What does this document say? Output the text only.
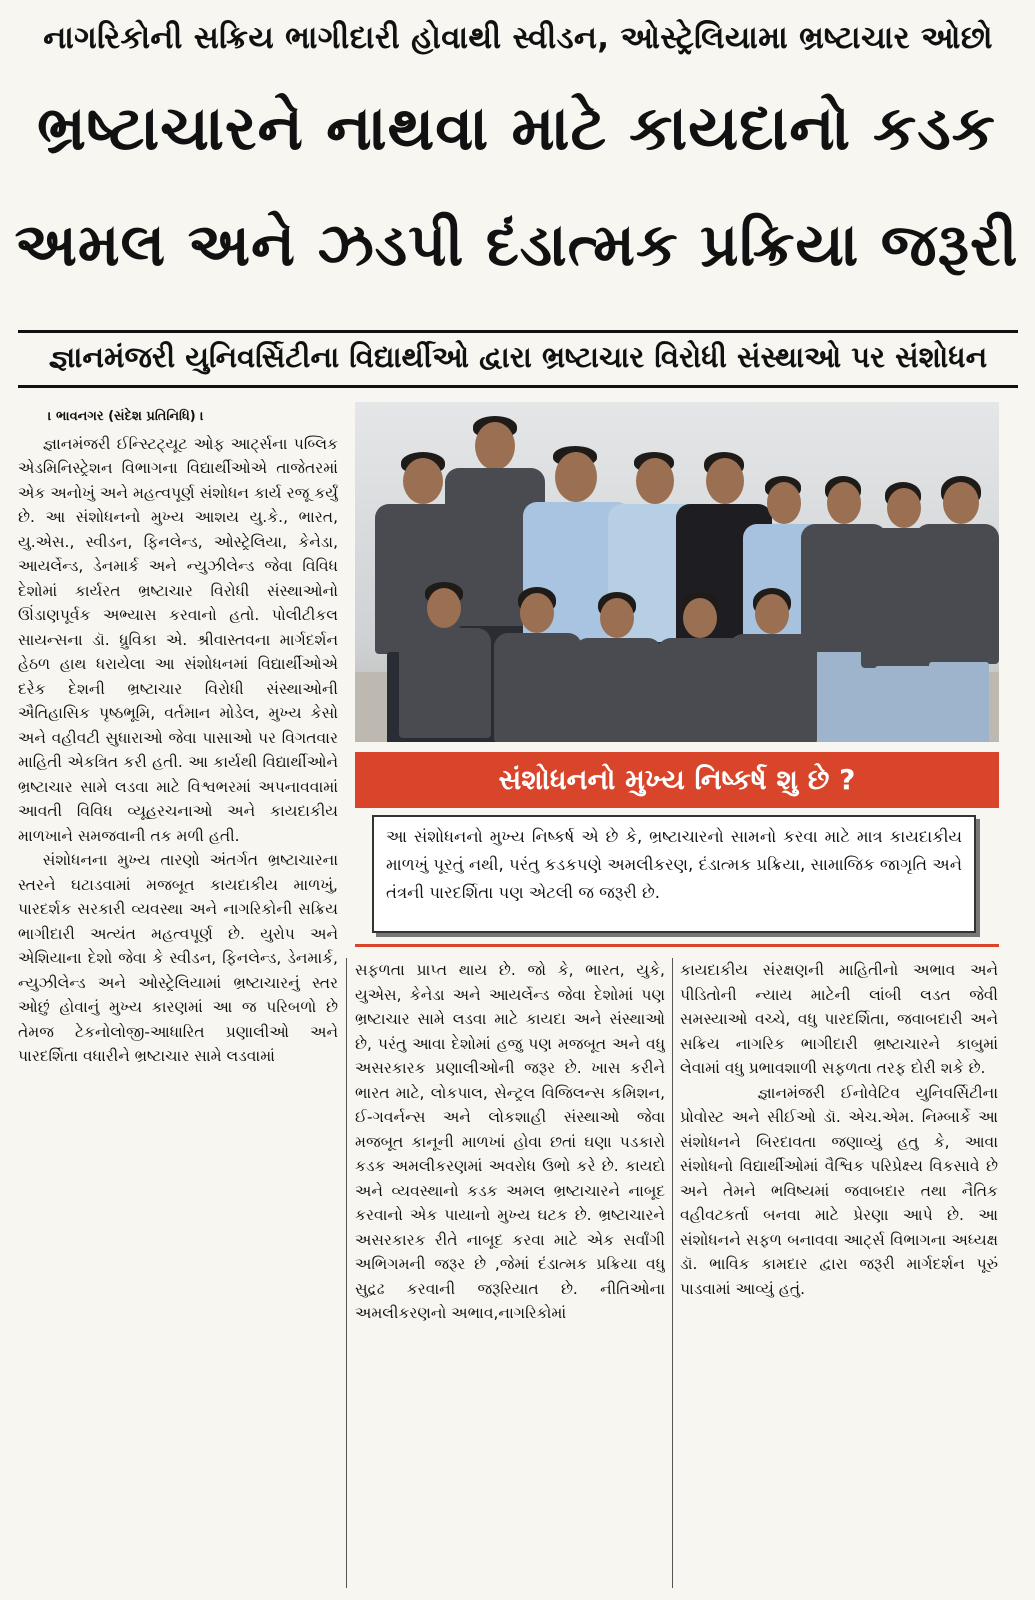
નાગરિકોની સક્રિય ભાગીદારી હોવાથી સ્વીડન, ઓસ્ટ્રેલિયામા ભ્રષ્ટાચાર ઓછો
ભ્રષ્ટાચારને નાથવા માટે કાયદાનો કડક
અમલ અને ઝડપી દંડાત્મક પ્રક્રિયા જરૂરી
જ્ઞાનમંજરી યુનિવર્સિટીના વિદ્યાર્થીઓ દ્વારા ભ્રષ્ટાચાર વિરોધી સંસ્થાઓ પર સંશોધન

। ભાવનગર (સંદેશ પ્રતિનિધિ) ।

જ્ઞાનમંજરી ઈન્સ્ટિટ્યૂટ ઓફ આર્ટ્સના પબ્લિક એડમિનિસ્ટ્રેશન વિભાગના વિદ્યાર્થીઓએ તાજેતરમાં એક અનોખું અને મહત્વપૂર્ણ સંશોધન કાર્ય રજૂ કર્યું છે. આ સંશોધનનો મુખ્ય આશય યુ.કે., ભારત, યુ.એસ., સ્વીડન, ફિનલેન્ડ, ઓસ્ટ્રેલિયા, કેનેડા, આયર્લેન્ડ, ડેનમાર્ક અને ન્યુઝીલેન્ડ જેવા વિવિધ દેશોમાં કાર્યરત ભ્રષ્ટાચાર વિરોધી સંસ્થાઓનો ઊંડાણપૂર્વક અભ્યાસ કરવાનો હતો. પોલીટીકલ સાયન્સના ડૉ. ધ્રુવિકા એ. શ્રીવાસ્તવના માર્ગદર્શન હેઠળ હાથ ધરાયેલા આ સંશોધનમાં વિદ્યાર્થીઓએ દરેક દેશની ભ્રષ્ટાચાર વિરોધી સંસ્થાઓની ઐતિહાસિક પૃષ્ઠભૂમિ, વર્તમાન મોડેલ, મુખ્ય કેસો અને વહીવટી સુધારાઓ જેવા પાસાઓ પર વિગતવાર માહિતી એકત્રિત કરી હતી. આ કાર્યથી વિદ્યાર્થીઓને ભ્રષ્ટાચાર સામે લડવા માટે વિશ્વભરમાં અપનાવવામાં આવતી વિવિધ વ્યૂહરચનાઓ અને કાયદાકીય માળખાને સમજવાની તક મળી હતી.

સંશોધનના મુખ્ય તારણો અંતર્ગત ભ્રષ્ટાચારના સ્તરને ઘટાડવામાં મજબૂત કાયદાકીય માળખું, પારદર્શક સરકારી વ્યવસ્થા અને નાગરિકોની સક્રિય ભાગીદારી અત્યંત મહત્વપૂર્ણ છે. યુરોપ અને એશિયાના દેશો જેવા કે સ્વીડન, ફિનલેન્ડ, ડેનમાર્ક, ન્યુઝીલેન્ડ અને ઓસ્ટ્રેલિયામાં ભ્રષ્ટાચારનું સ્તર ઓછું હોવાનું મુખ્ય કારણમાં આ જ પરિબળો છે તેમજ ટેકનોલોજી-આધારિત પ્રણાલીઓ અને પારદર્શિતા વધારીને ભ્રષ્ટાચાર સામે લડવામાં

સંશોધનનો મુખ્ય નિષ્કર્ષ શુ છે ?
આ સંશોધનનો મુખ્ય નિષ્કર્ષ એ છે કે, ભ્રષ્ટાચારનો સામનો કરવા માટે માત્ર કાયદાકીય માળખું પૂરતું નથી, પરંતુ કડકપણે અમલીકરણ, દંડાત્મક પ્રક્રિયા, સામાજિક જાગૃતિ અને તંત્રની પારદર્શિતા પણ એટલી જ જરૂરી છે.

સફળતા પ્રાપ્ત થાય છે. જો કે, ભારત, યુકે, યુએસ, કેનેડા અને આયર્લેન્ડ જેવા દેશોમાં પણ ભ્રષ્ટાચાર સામે લડવા માટે કાયદા અને સંસ્થાઓ છે, પરંતુ આવા દેશોમાં હજુ પણ મજબૂત અને વધુ અસરકારક પ્રણાલીઓની જરૂર છે. ખાસ કરીને ભારત માટે, લોકપાલ, સેન્ટ્રલ વિજિલન્સ કમિશન, ઈ-ગવર્નન્સ અને લોકશાહી સંસ્થાઓ જેવા મજબૂત કાનૂની માળખાં હોવા છતાં ઘણા પડકારો કડક અમલીકરણમાં અવરોધ ઉભો કરે છે. કાયદો અને વ્યવસ્થાનો કડક અમલ ભ્રષ્ટાચારને નાબૂદ કરવાનો એક પાયાનો મુખ્ય ઘટક છે. ભ્રષ્ટાચારને અસરકારક રીતે નાબૂદ કરવા માટે એક સર્વાંગી અભિગમની જરૂર છે ,જેમાં દંડાત્મક પ્રક્રિયા વધુ સુદ્રઢ કરવાની જરૂરિયાત છે. નીતિઓના અમલીકરણનો અભાવ,નાગરિકોમાં

કાયદાકીય સંરક્ષણની માહિતીનો અભાવ અને પીડિતોની ન્યાય માટેની લાંબી લડત જેવી સમસ્યાઓ વચ્ચે, વધુ પારદર્શિતા, જવાબદારી અને સક્રિય નાગરિક ભાગીદારી ભ્રષ્ટાચારને કાબુમાં લેવામાં વધુ પ્રભાવશાળી સફળતા તરફ દોરી શકે છે.

જ્ઞાનમંજરી ઈનોવેટિવ યુનિવર્સિટીના પ્રોવોસ્ટ અને સીઈઓ ડૉ. એચ.એમ. નિમ્બાર્કે આ સંશોધનને બિરદાવતા જણાવ્યું હતુ કે, આવા સંશોધનો વિદ્યાર્થીઓમાં વૈશ્વિક પરિપ્રેક્ષ્ય વિકસાવે છે અને તેમને ભવિષ્યમાં જવાબદાર તથા નૈતિક વહીવટકર્તા બનવા માટે પ્રેરણા આપે છે. આ સંશોધનને સફળ બનાવવા આર્ટ્સ વિભાગના અધ્યક્ષ ડૉ. ભાવિક કામદાર દ્વારા જરૂરી માર્ગદર્શન પૂરું પાડવામાં આવ્યું હતું.
